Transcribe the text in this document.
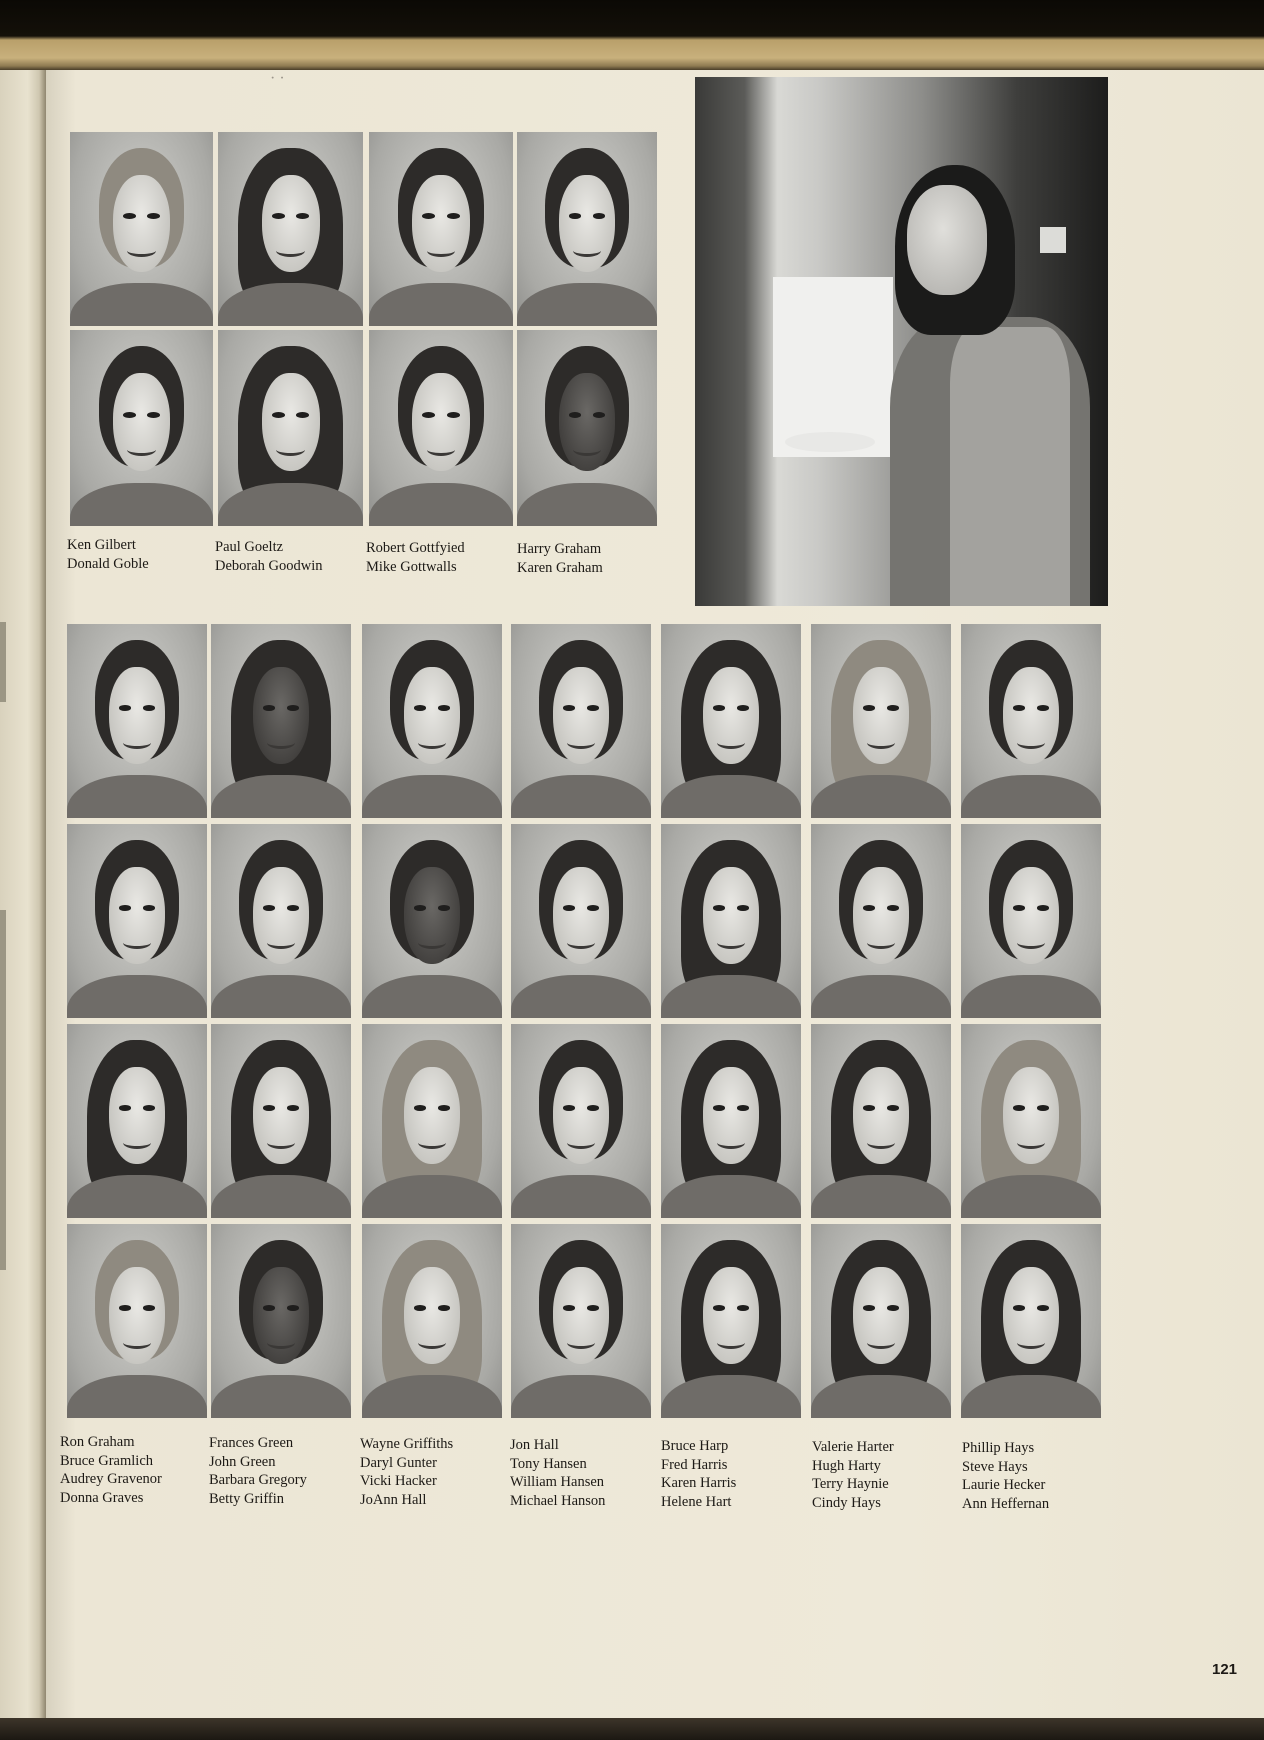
· ·
Ken Gilbert
Donald Goble
Paul Goeltz
Deborah Goodwin
Robert Gottfyied
Mike Gottwalls
Harry Graham
Karen Graham
Ron Graham
Bruce Gramlich
Audrey Gravenor
Donna Graves
Frances Green
John Green
Barbara Gregory
Betty Griffin
Wayne Griffiths
Daryl Gunter
Vicki Hacker
JoAnn Hall
Jon Hall
Tony Hansen
William Hansen
Michael Hanson
Bruce Harp
Fred Harris
Karen Harris
Helene Hart
Valerie Harter
Hugh Harty
Terry Haynie
Cindy Hays
Phillip Hays
Steve Hays
Laurie Hecker
Ann Heffernan
121
